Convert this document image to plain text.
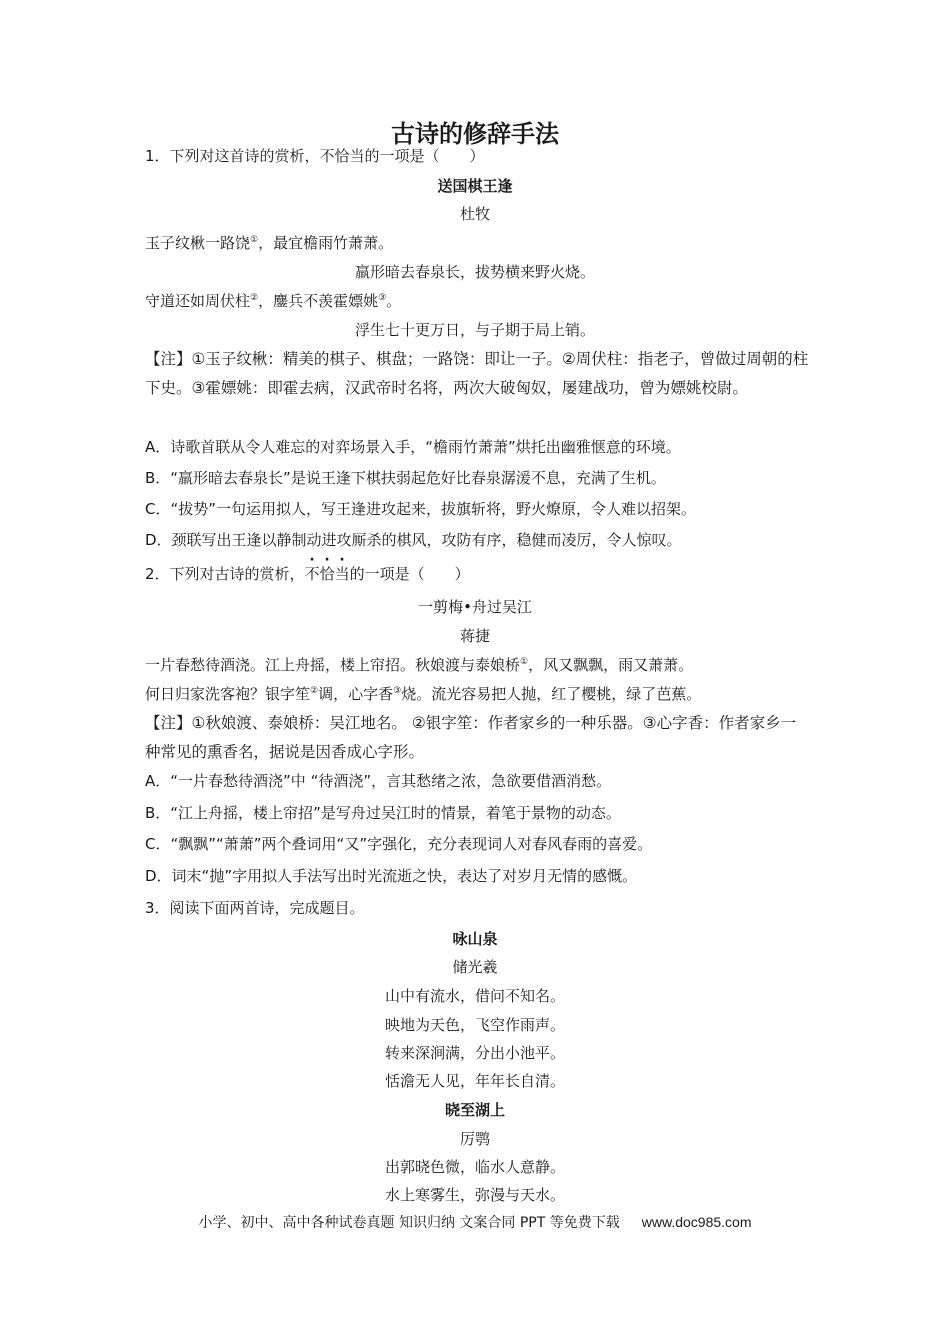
古诗的修辞手法
1．下列对这首诗的赏析，不恰当的一项是（　　）
送国棋王逢
杜牧
玉子纹楸一路饶①，最宜檐雨竹萧萧。
羸形暗去春泉长，拔势横来野火烧。
守道还如周伏柱②，鏖兵不羡霍嫖姚③。
浮生七十更万日，与子期于局上销。
【注】①玉子纹楸：精美的棋子、棋盘；一路饶：即让一子。②周伏柱：指老子，曾做过周朝的柱下史。③霍嫖姚：即霍去病，汉武帝时名将，两次大破匈奴，屡建战功，曾为嫖姚校尉。
A．诗歌首联从令人难忘的对弈场景入手，“檐雨竹萧萧”烘托出幽雅惬意的环境。
B．“羸形暗去春泉长”是说王逢下棋扶弱起危好比春泉潺湲不息，充满了生机。
C．“拔势”一句运用拟人，写王逢进攻起来，拔旗斩将，野火燎原，令人难以招架。
D．颈联写出王逢以静制动进攻厮杀的棋风，攻防有序，稳健而凌厉，令人惊叹。
2．下列对古诗的赏析，不恰当的一项是（　　）
一剪梅•舟过吴江
蒋捷
一片春愁待酒浇。江上舟摇，楼上帘招。秋娘渡与泰娘桥①，风又飘飘，雨又萧萧。
何日归家洗客袍？银字笙②调，心字香③烧。流光容易把人抛，红了樱桃，绿了芭蕉。
【注】①秋娘渡、泰娘桥：吴江地名。 ②银字笙：作者家乡的一种乐器。③心字香：作者家乡一种常见的熏香名，据说是因香成心字形。
A．“一片春愁待酒浇”中 “待酒浇”，言其愁绪之浓，急欲要借酒消愁。
B．“江上舟摇，楼上帘招”是写舟过吴江时的情景，着笔于景物的动态。
C．“飘飘”“萧萧”两个叠词用“又”字强化，充分表现词人对春风春雨的喜爱。
D．词末“抛”字用拟人手法写出时光流逝之快，表达了对岁月无情的感慨。
3．阅读下面两首诗，完成题目。
咏山泉
储光羲
山中有流水，借问不知名。
映地为天色，飞空作雨声。
转来深涧满，分出小池平。
恬澹无人见，年年长自清。
晓至湖上
厉鹗
出郭晓色微，临水人意静。
水上寒雾生，弥漫与天水。
小学、初中、高中各种试卷真题 知识归纳 文案合同 PPT 等免费下载 www.doc985.com
